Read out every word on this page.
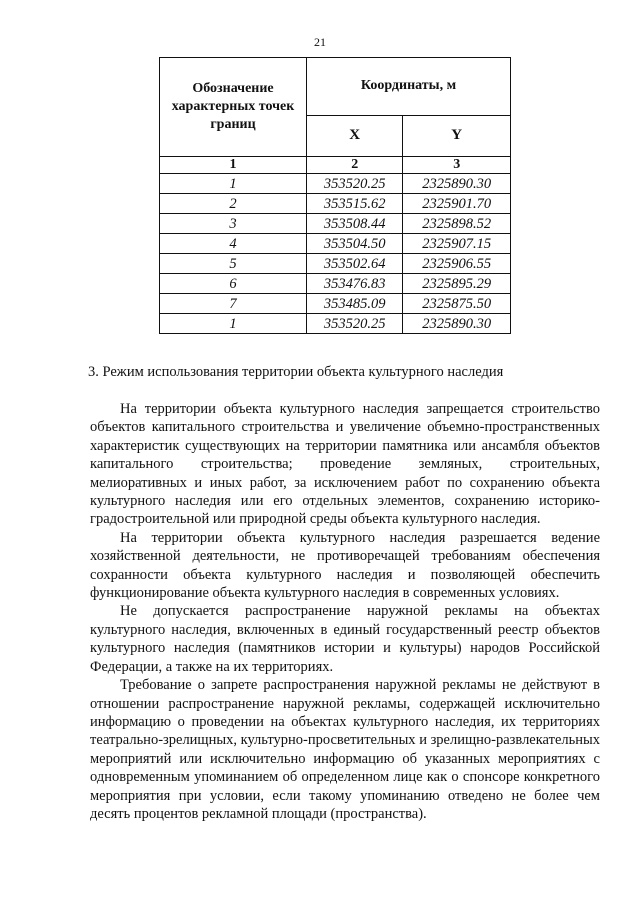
21
Обозначение характерных точек границ	Координаты, м	
	X	Y
1	2	3
1	353520.25	2325890.30
2	353515.62	2325901.70
3	353508.44	2325898.52
4	353504.50	2325907.15
5	353502.64	2325906.55
6	353476.83	2325895.29
7	353485.09	2325875.50
1	353520.25	2325890.30
3. Режим использования территории объекта культурного наследия

На территории объекта культурного наследия запрещается строительство объектов капитального строительства и увеличение объемно-пространственных характеристик существующих на территории памятника или ансамбля объектов капитального строительства; проведение земляных, строительных, мелиоративных и иных работ, за исключением работ по сохранению объекта культурного наследия или его отдельных элементов, сохранению историко-градостроительной или природной среды объекта культурного наследия.

На территории объекта культурного наследия разрешается ведение хозяйственной деятельности, не противоречащей требованиям обеспечения сохранности объекта культурного наследия и позволяющей обеспечить функционирование объекта культурного наследия в современных условиях.

Не допускается распространение наружной рекламы на объектах культурного наследия, включенных в единый государственный реестр объектов культурного наследия (памятников истории и культуры) народов Российской Федерации, а также на их территориях.

Требование о запрете распространения наружной рекламы не действуют в отношении распространение наружной рекламы, содержащей исключительно информацию о проведении на объектах культурного наследия, их территориях театрально-зрелищных, культурно-просветительных и зрелищно-развлекательных мероприятий или исключительно информацию об указанных мероприятиях с одновременным упоминанием об определенном лице как о спонсоре конкретного мероприятия при условии, если такому упоминанию отведено не более чем десять процентов рекламной площади (пространства).
